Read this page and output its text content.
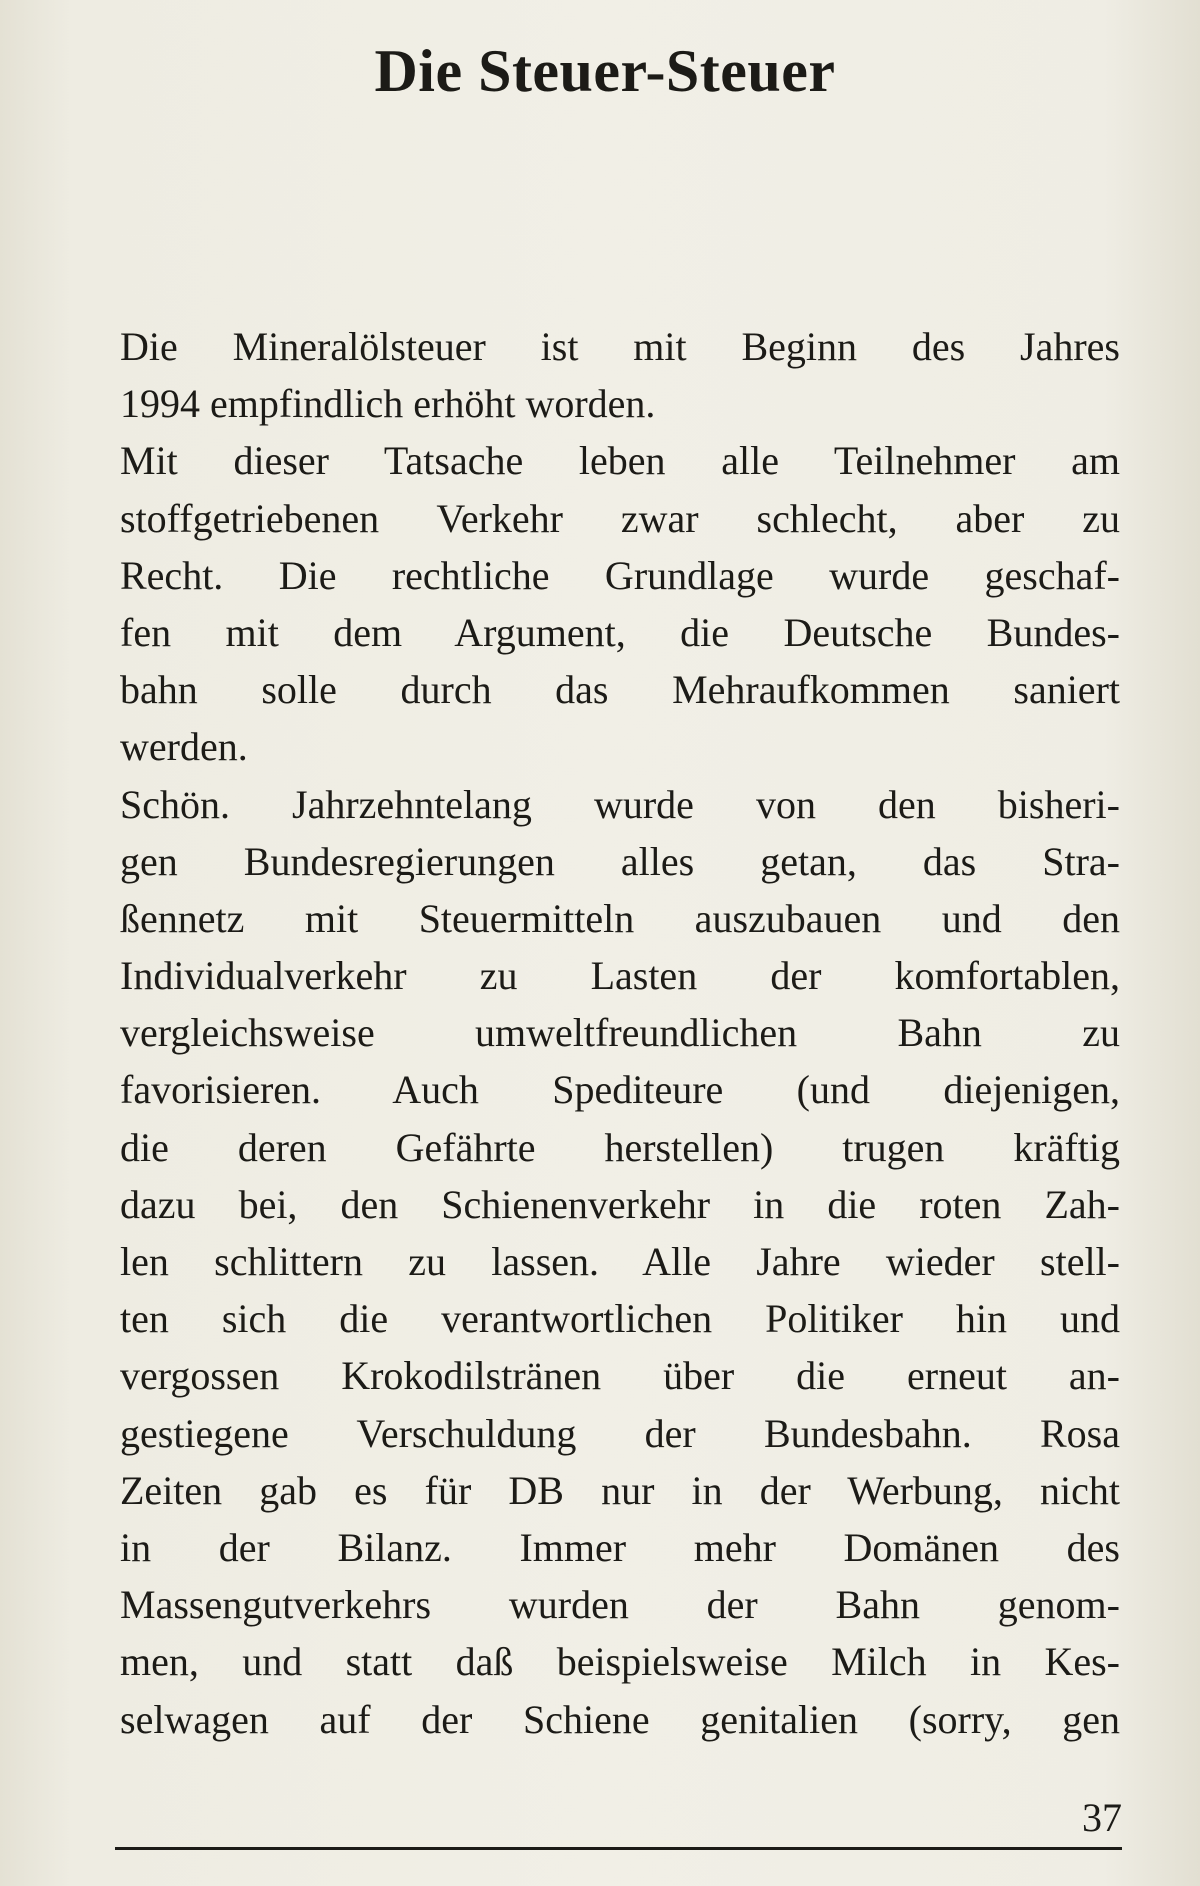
Die Steuer-Steuer
Die Mineralölsteuer ist mit Beginn des Jahres
1994 empfindlich erhöht worden.
Mit dieser Tatsache leben alle Teilnehmer am
stoffgetriebenen Verkehr zwar schlecht, aber zu
Recht. Die rechtliche Grundlage wurde geschaf-
fen mit dem Argument, die Deutsche Bundes-
bahn solle durch das Mehraufkommen saniert
werden.
Schön. Jahrzehntelang wurde von den bisheri-
gen Bundesregierungen alles getan, das Stra-
ßennetz mit Steuermitteln auszubauen und den
Individualverkehr zu Lasten der komfortablen,
vergleichsweise umweltfreundlichen Bahn zu
favorisieren. Auch Spediteure (und diejenigen,
die deren Gefährte herstellen) trugen kräftig
dazu bei, den Schienenverkehr in die roten Zah-
len schlittern zu lassen. Alle Jahre wieder stell-
ten sich die verantwortlichen Politiker hin und
vergossen Krokodilstränen über die erneut an-
gestiegene Verschuldung der Bundesbahn. Rosa
Zeiten gab es für DB nur in der Werbung, nicht
in der Bilanz. Immer mehr Domänen des
Massengutverkehrs wurden der Bahn genom-
men, und statt daß beispielsweise Milch in Kes-
selwagen auf der Schiene genitalien (sorry, gen
37
